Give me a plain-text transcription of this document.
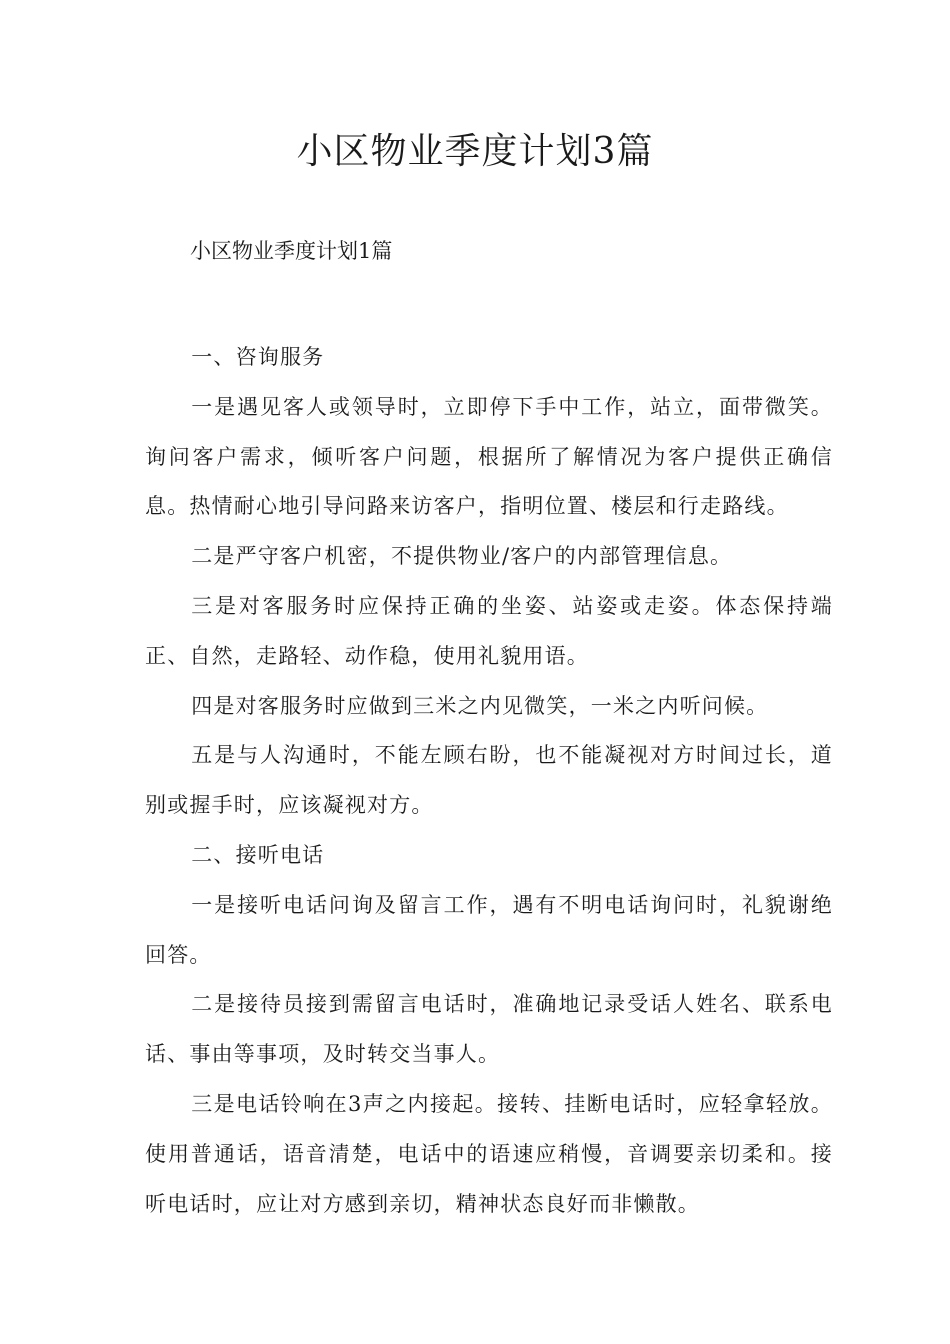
小区物业季度计划3篇

小区物业季度计划1篇

一、咨询服务

一是遇见客人或领导时，立即停下手中工作，站立，面带微笑。询问客户需求，倾听客户问题，根据所了解情况为客户提供正确信息。热情耐心地引导问路来访客户，指明位置、楼层和行走路线。

二是严守客户机密，不提供物业/客户的内部管理信息。

三是对客服务时应保持正确的坐姿、站姿或走姿。体态保持端正、自然，走路轻、动作稳，使用礼貌用语。

四是对客服务时应做到三米之内见微笑，一米之内听问候。

五是与人沟通时，不能左顾右盼，也不能凝视对方时间过长，道别或握手时，应该凝视对方。

二、接听电话

一是接听电话问询及留言工作，遇有不明电话询问时，礼貌谢绝回答。

二是接待员接到需留言电话时，准确地记录受话人姓名、联系电话、事由等事项，及时转交当事人。

三是电话铃响在3声之内接起。接转、挂断电话时，应轻拿轻放。使用普通话，语音清楚，电话中的语速应稍慢，音调要亲切柔和。接听电话时，应让对方感到亲切，精神状态良好而非懒散。
